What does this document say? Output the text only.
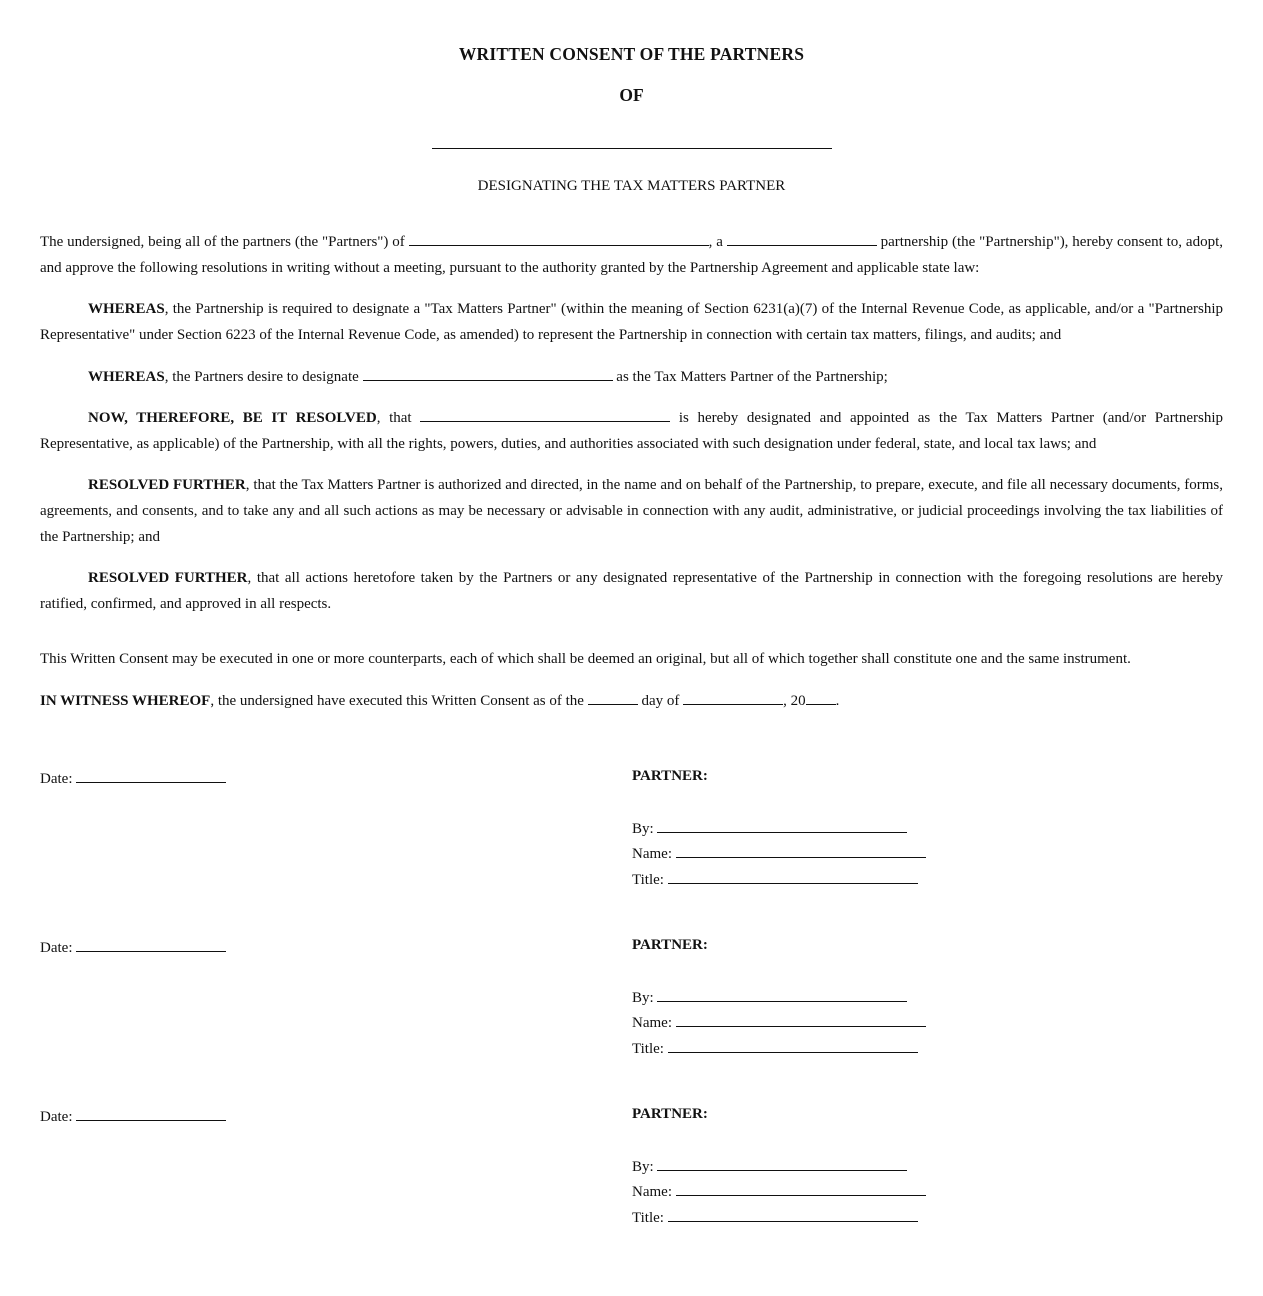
WRITTEN CONSENT OF THE PARTNERS
OF
DESIGNATING THE TAX MATTERS PARTNER

The undersigned, being all of the partners (the "Partners") of	, a	partnership (the "Partnership"), hereby consent to, adopt, and approve the following resolutions in writing without a meeting, pursuant to the authority granted by the Partnership Agreement and applicable state law:

WHEREAS, the Partnership is required to designate a "Tax Matters Partner" (within the meaning of Section 6231(a)(7) of the Internal Revenue Code, as applicable, and/or a "Partnership Representative" under Section 6223 of the Internal Revenue Code, as amended) to represent the Partnership in connection with certain tax matters, filings, and audits; and

WHEREAS, the Partners desire to designate	as the Tax Matters Partner of the Partnership;

NOW, THEREFORE, BE IT RESOLVED, that	is hereby designated and appointed as the Tax Matters Partner (and/or Partnership Representative, as applicable) of the Partnership, with all the rights, powers, duties, and authorities associated with such designation under federal, state, and local tax laws; and

RESOLVED FURTHER, that the Tax Matters Partner is authorized and directed, in the name and on behalf of the Partnership, to prepare, execute, and file all necessary documents, forms, agreements, and consents, and to take any and all such actions as may be necessary or advisable in connection with any audit, administrative, or judicial proceedings involving the tax liabilities of the Partnership; and

RESOLVED FURTHER, that all actions heretofore taken by the Partners or any designated representative of the Partnership in connection with the foregoing resolutions are hereby ratified, confirmed, and approved in all respects.

This Written Consent may be executed in one or more counterparts, each of which shall be deemed an original, but all of which together shall constitute one and the same instrument.

IN WITNESS WHEREOF, the undersigned have executed this Written Consent as of the	day of	, 20 .

Date:	PARTNER:
By:
Name:
Title:
Date:	PARTNER:
By:
Name:
Title:
Date:	PARTNER:
By:
Name:
Title:
